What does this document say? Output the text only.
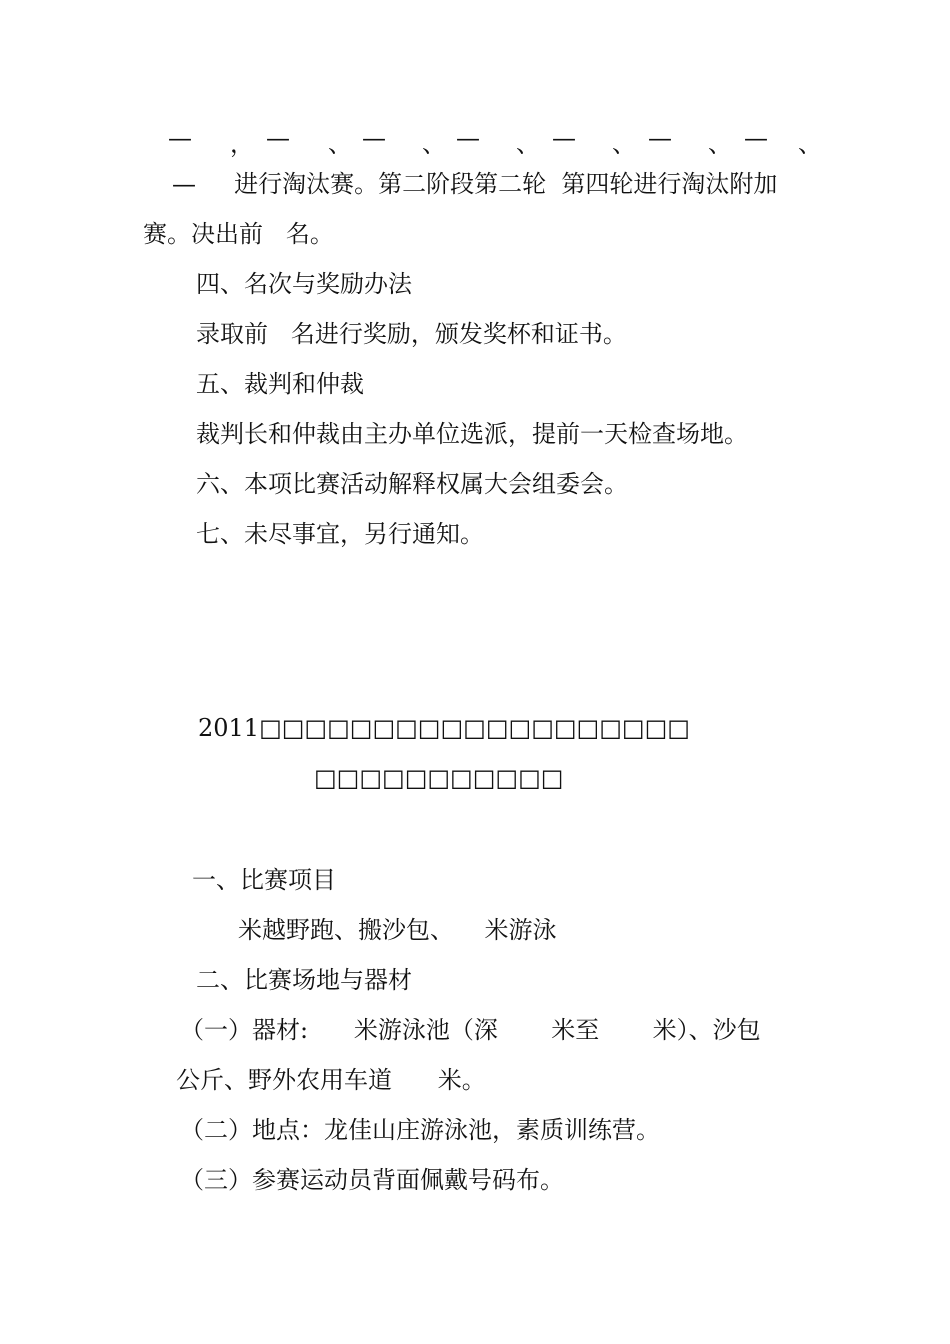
— ， — 、 — 、 — 、 — 、 — 、 — 、
—     进行淘汰赛。第二阶段第二轮  第四轮进行淘汰附加
赛。决出前   名。
四、名次与奖励办法
录取前   名进行奖励，颁发奖杯和证书。
五、裁判和仲裁
裁判长和仲裁由主办单位选派，提前一天检查场地。
六、本项比赛活动解释权属大会组委会。
七、未尽事宜，另行通知。
2011□□□□□□□□□□□□□□□□□□□
□□□□□□□□□□□
一、比赛项目
米越野跑、搬沙包、    米游泳
二、比赛场地与器材
（一）器材:      米游泳池（深       米至       米）、沙包
公斤、野外农用车道      米。
（二）地点：龙佳山庄游泳池，素质训练营。
（三）参赛运动员背面佩戴号码布。
